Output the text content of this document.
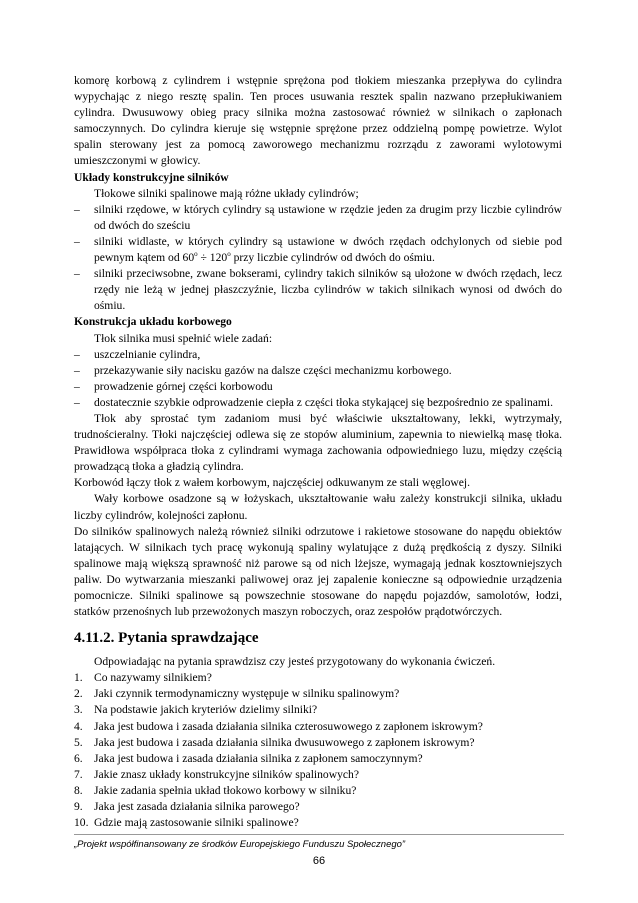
komorę korbową z cylindrem i wstępnie sprężona pod tłokiem mieszanka przepływa do cylindra wypychając z niego resztę spalin. Ten proces usuwania resztek spalin nazwano przepłukiwaniem cylindra. Dwusuwowy obieg pracy silnika można zastosować również w silnikach o zapłonach samoczynnych. Do cylindra kieruje się wstępnie sprężone przez oddzielną pompę powietrze. Wylot spalin sterowany jest za pomocą zaworowego mechanizmu rozrządu z zaworami wylotowymi umieszczonymi w głowicy.

Układy konstrukcyjne silników

Tłokowe silniki spalinowe mają różne układy cylindrów;

– silniki rzędowe, w których cylindry są ustawione w rzędzie jeden za drugim przy liczbie cylindrów od dwóch do sześciu

– silniki widlaste, w których cylindry są ustawione w dwóch rzędach odchylonych od siebie pod pewnym kątem od $60^o \div 120^o$ przy liczbie cylindrów od dwóch do ośmiu.

– silniki przeciwsobne, zwane bokserami, cylindry takich silników są ułożone w dwóch rzędach, lecz rzędy nie leżą w jednej płaszczyźnie, liczba cylindrów w takich silnikach wynosi od dwóch do ośmiu.

Konstrukcja układu korbowego

Tłok silnika musi spełnić wiele zadań:

– uszczelnianie cylindra,

– przekazywanie siły nacisku gazów na dalsze części mechanizmu korbowego.

– prowadzenie górnej części korbowodu

– dostatecznie szybkie odprowadzenie ciepła z części tłoka stykającej się bezpośrednio ze spalinami.

Tłok aby sprostać tym zadaniom musi być właściwie ukształtowany, lekki, wytrzymały, trudnościeralny. Tłoki najczęściej odlewa się ze stopów aluminium, zapewnia to niewielką masę tłoka. Prawidłowa współpraca tłoka z cylindrami wymaga zachowania odpowiedniego luzu, między częścią prowadzącą tłoka a gładzią cylindra.

Korbowód łączy tłok z wałem korbowym, najczęściej odkuwanym ze stali węglowej.

Wały korbowe osadzone są w łożyskach, ukształtowanie wału zależy konstrukcji silnika, układu liczby cylindrów, kolejności zapłonu.

Do silników spalinowych należą również silniki odrzutowe i rakietowe stosowane do napędu obiektów latających. W silnikach tych pracę wykonują spaliny wylatujące z dużą prędkością z dyszy. Silniki spalinowe mają większą sprawność niż parowe są od nich lżejsze, wymagają jednak kosztowniejszych paliw. Do wytwarzania mieszanki paliwowej oraz jej zapalenie konieczne są odpowiednie urządzenia pomocnicze. Silniki spalinowe są powszechnie stosowane do napędu pojazdów, samolotów, łodzi, statków przenośnych lub przewożonych maszyn roboczych, oraz zespołów prądotwórczych.

4.11.2. Pytania sprawdzające

Odpowiadając na pytania sprawdzisz czy jesteś przygotowany do wykonania ćwiczeń.

1. Co nazywamy silnikiem?
2. Jaki czynnik termodynamiczny występuje w silniku spalinowym?
3. Na podstawie jakich kryteriów dzielimy silniki?
4. Jaka jest budowa i zasada działania silnika czterosuwowego z zapłonem iskrowym?
5. Jaka jest budowa i zasada działania silnika dwusuwowego z zapłonem iskrowym?
6. Jaka jest budowa i zasada działania silnika z zapłonem samoczynnym?
7. Jakie znasz układy konstrukcyjne silników spalinowych?
8. Jakie zadania spełnia układ tłokowo korbowy w silniku?
9. Jaka jest zasada działania silnika parowego?
10. Gdzie mają zastosowanie silniki spalinowe?
„Projekt współfinansowany ze środków Europejskiego Funduszu Społecznego”
66
